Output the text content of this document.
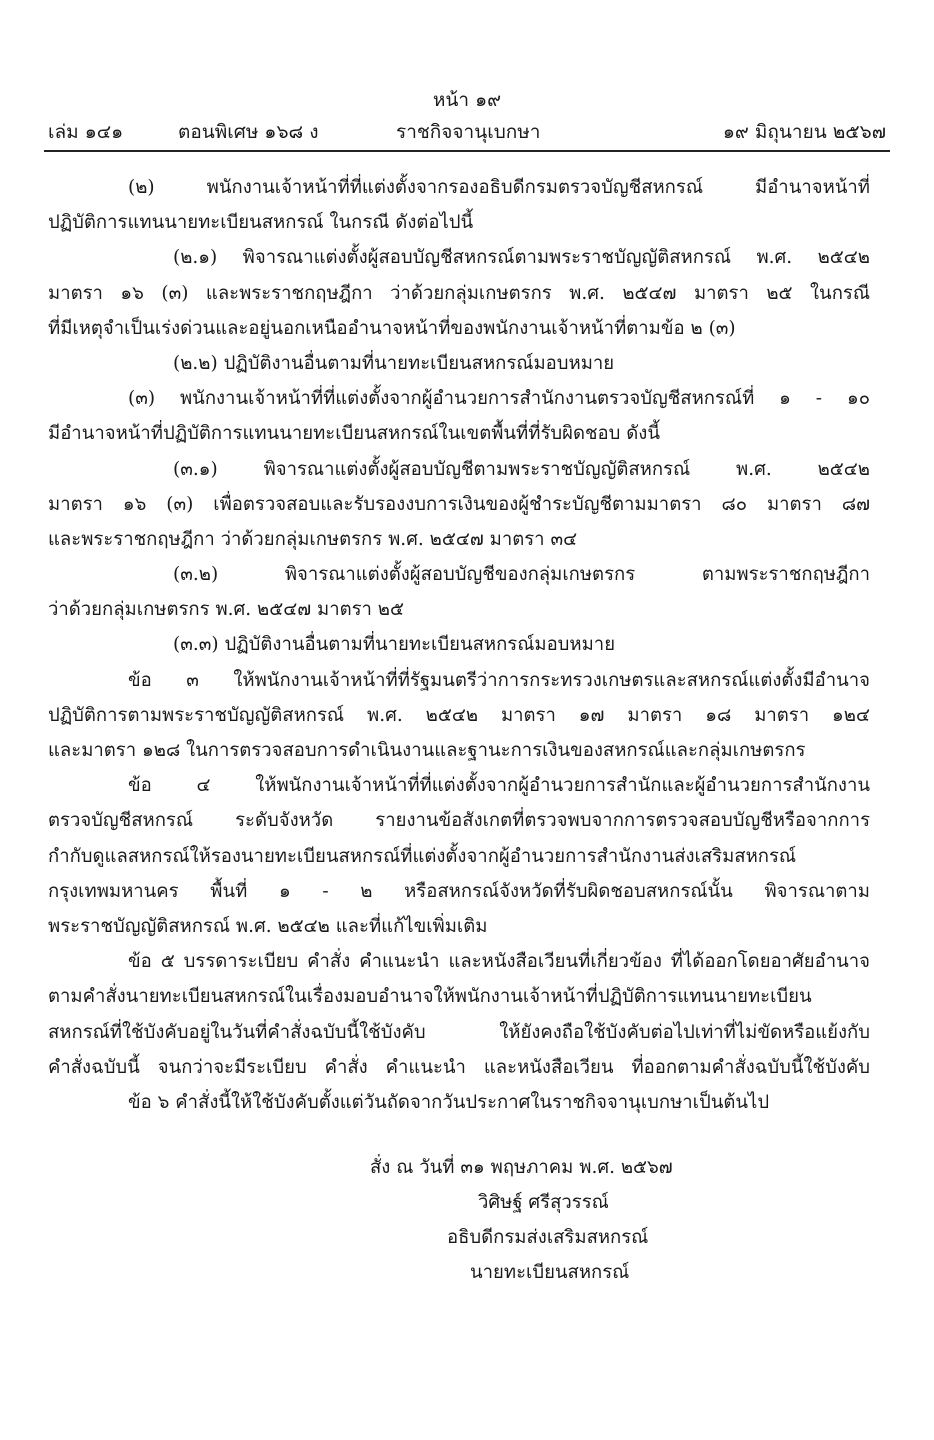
หน้า ๑๙
เล่ม ๑๔๑	ตอนพิเศษ ๑๖๘ ง	ราชกิจจานุเบกษา	๑๙ มิถุนายน ๒๕๖๗
(๒) พนักงานเจ้าหน้าที่ที่แต่งตั้งจากรองอธิบดีกรมตรวจบัญชีสหกรณ์ มีอำนาจหน้าที่
ปฏิบัติการแทนนายทะเบียนสหกรณ์ ในกรณี ดังต่อไปนี้
(๒.๑) พิจารณาแต่งตั้งผู้สอบบัญชีสหกรณ์ตามพระราชบัญญัติสหกรณ์ พ.ศ. ๒๕๔๒
มาตรา ๑๖ (๓) และพระราชกฤษฎีกา ว่าด้วยกลุ่มเกษตรกร พ.ศ. ๒๕๔๗ มาตรา ๒๕ ในกรณี
ที่มีเหตุจำเป็นเร่งด่วนและอยู่นอกเหนืออำนาจหน้าที่ของพนักงานเจ้าหน้าที่ตามข้อ ๒ (๓)
(๒.๒) ปฏิบัติงานอื่นตามที่นายทะเบียนสหกรณ์มอบหมาย
(๓) พนักงานเจ้าหน้าที่ที่แต่งตั้งจากผู้อำนวยการสำนักงานตรวจบัญชีสหกรณ์ที่ ๑ - ๑๐
มีอำนาจหน้าที่ปฏิบัติการแทนนายทะเบียนสหกรณ์ในเขตพื้นที่ที่รับผิดชอบ ดังนี้
(๓.๑) พิจารณาแต่งตั้งผู้สอบบัญชีตามพระราชบัญญัติสหกรณ์ พ.ศ. ๒๕๔๒
มาตรา ๑๖ (๓) เพื่อตรวจสอบและรับรองงบการเงินของผู้ชำระบัญชีตามมาตรา ๘๐ มาตรา ๘๗
และพระราชกฤษฎีกา ว่าด้วยกลุ่มเกษตรกร พ.ศ. ๒๕๔๗ มาตรา ๓๔
(๓.๒) พิจารณาแต่งตั้งผู้สอบบัญชีของกลุ่มเกษตรกร ตามพระราชกฤษฎีกา
ว่าด้วยกลุ่มเกษตรกร พ.ศ. ๒๕๔๗ มาตรา ๒๕
(๓.๓) ปฏิบัติงานอื่นตามที่นายทะเบียนสหกรณ์มอบหมาย
ข้อ ๓ ให้พนักงานเจ้าหน้าที่ที่รัฐมนตรีว่าการกระทรวงเกษตรและสหกรณ์แต่งตั้งมีอำนาจ
ปฏิบัติการตามพระราชบัญญัติสหกรณ์ พ.ศ. ๒๕๔๒ มาตรา ๑๗ มาตรา ๑๘ มาตรา ๑๒๔
และมาตรา ๑๒๘ ในการตรวจสอบการดำเนินงานและฐานะการเงินของสหกรณ์และกลุ่มเกษตรกร
ข้อ ๔ ให้พนักงานเจ้าหน้าที่ที่แต่งตั้งจากผู้อำนวยการสำนักและผู้อำนวยการสำนักงาน
ตรวจบัญชีสหกรณ์ ระดับจังหวัด รายงานข้อสังเกตที่ตรวจพบจากการตรวจสอบบัญชีหรือจากการ
กำกับดูแลสหกรณ์ให้รองนายทะเบียนสหกรณ์ที่แต่งตั้งจากผู้อำนวยการสำนักงานส่งเสริมสหกรณ์
กรุงเทพมหานคร พื้นที่ ๑ - ๒ หรือสหกรณ์จังหวัดที่รับผิดชอบสหกรณ์นั้น พิจารณาตาม
พระราชบัญญัติสหกรณ์ พ.ศ. ๒๕๔๒ และที่แก้ไขเพิ่มเติม
ข้อ ๕ บรรดาระเบียบ คำสั่ง คำแนะนำ และหนังสือเวียนที่เกี่ยวข้อง ที่ได้ออกโดยอาศัยอำนาจ
ตามคำสั่งนายทะเบียนสหกรณ์ในเรื่องมอบอำนาจให้พนักงานเจ้าหน้าที่ปฏิบัติการแทนนายทะเบียน
สหกรณ์ที่ใช้บังคับอยู่ในวันที่คำสั่งฉบับนี้ใช้บังคับ ให้ยังคงถือใช้บังคับต่อไปเท่าที่ไม่ขัดหรือแย้งกับ
คำสั่งฉบับนี้ จนกว่าจะมีระเบียบ คำสั่ง คำแนะนำ และหนังสือเวียน ที่ออกตามคำสั่งฉบับนี้ใช้บังคับ
ข้อ ๖ คำสั่งนี้ให้ใช้บังคับตั้งแต่วันถัดจากวันประกาศในราชกิจจานุเบกษาเป็นต้นไป
สั่ง ณ วันที่ ๓๑ พฤษภาคม พ.ศ. ๒๕๖๗
วิศิษฐ์ ศรีสุวรรณ์
อธิบดีกรมส่งเสริมสหกรณ์
นายทะเบียนสหกรณ์
